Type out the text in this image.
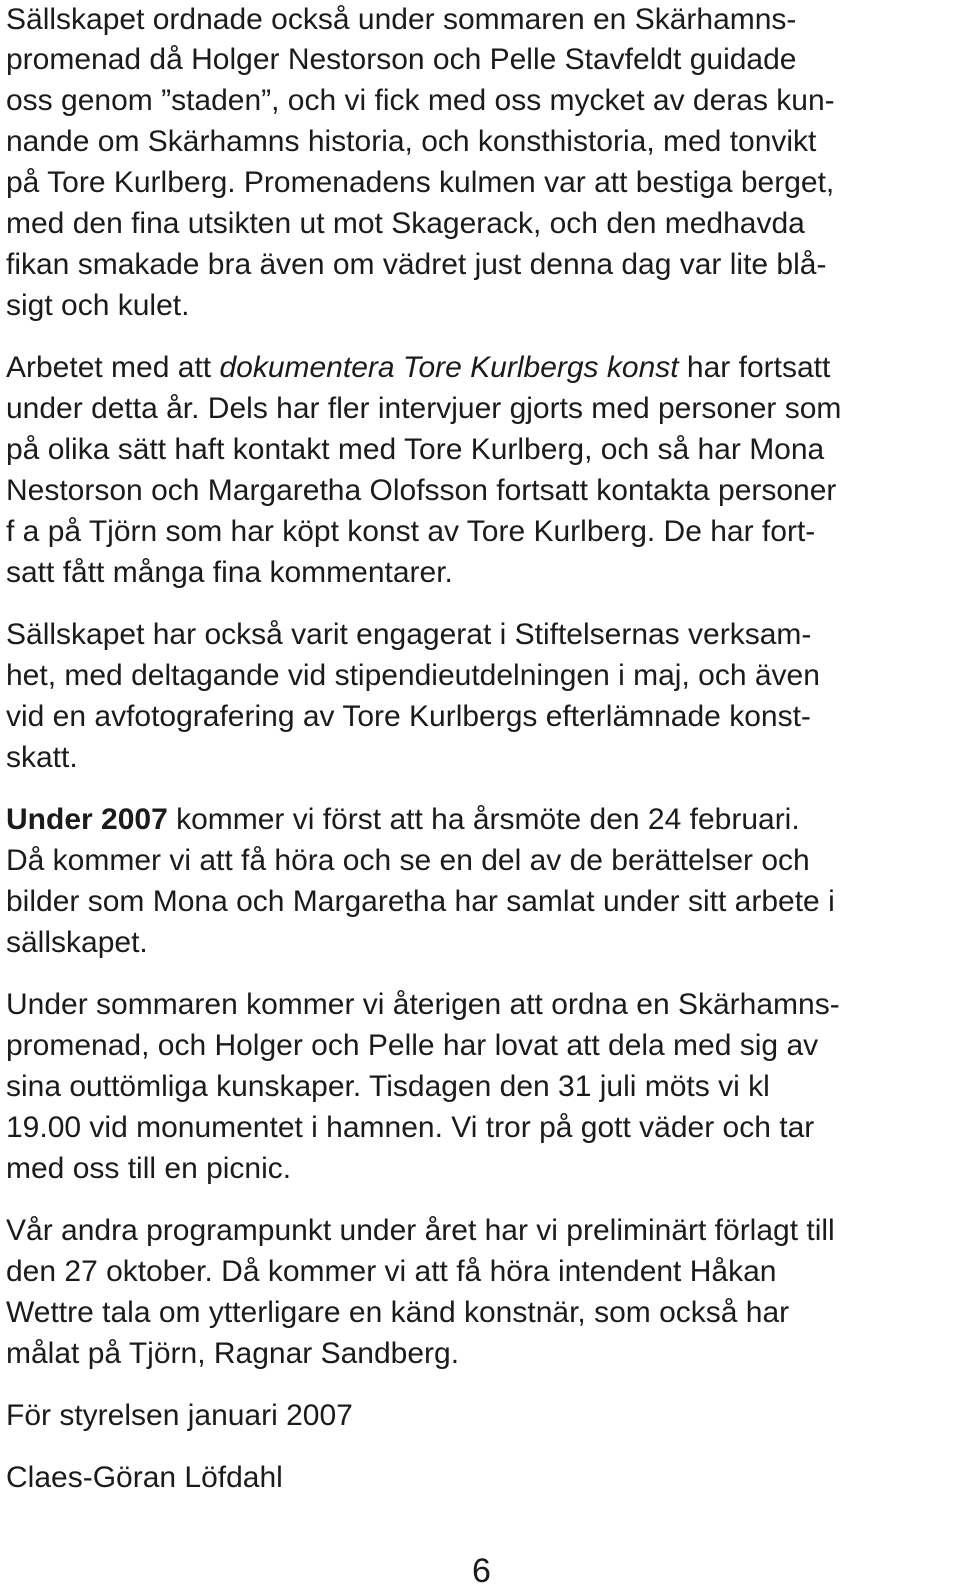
Sällskapet ordnade också under sommaren en Skärhamns-

promenad då Holger Nestorson och Pelle Stavfeldt guidade

oss genom ”staden”, och vi fick med oss mycket av deras kun-

nande om Skärhamns historia, och konsthistoria, med tonvikt

på Tore Kurlberg. Promenadens kulmen var att bestiga berget,

med den fina utsikten ut mot Skagerack, och den medhavda

fikan smakade bra även om vädret just denna dag var lite blå-

sigt och kulet.

Arbetet med att dokumentera Tore Kurlbergs konst har fortsatt

under detta år. Dels har fler intervjuer gjorts med personer som

på olika sätt haft kontakt med Tore Kurlberg, och så har Mona

Nestorson och Margaretha Olofsson fortsatt kontakta personer

f a på Tjörn som har köpt konst av Tore Kurlberg. De har fort-

satt fått många fina kommentarer.

Sällskapet har också varit engagerat i Stiftelsernas verksam-

het, med deltagande vid stipendieutdelningen i maj, och även

vid en avfotografering av Tore Kurlbergs efterlämnade konst-

skatt.

Under 2007 kommer vi först att ha årsmöte den 24 februari.

Då kommer vi att få höra och se en del av de berättelser och

bilder som Mona och Margaretha har samlat under sitt arbete i

sällskapet.

Under sommaren kommer vi återigen att ordna en Skärhamns-

promenad, och Holger och Pelle har lovat att dela med sig av

sina outtömliga kunskaper. Tisdagen den 31 juli möts vi kl

19.00 vid monumentet i hamnen. Vi tror på gott väder och tar

med oss till en picnic.

Vår andra programpunkt under året har vi preliminärt förlagt till

den 27 oktober. Då kommer vi att få höra intendent Håkan

Wettre tala om ytterligare en känd konstnär, som också har

målat på Tjörn, Ragnar Sandberg.

För styrelsen januari 2007

Claes-Göran Löfdahl

6
